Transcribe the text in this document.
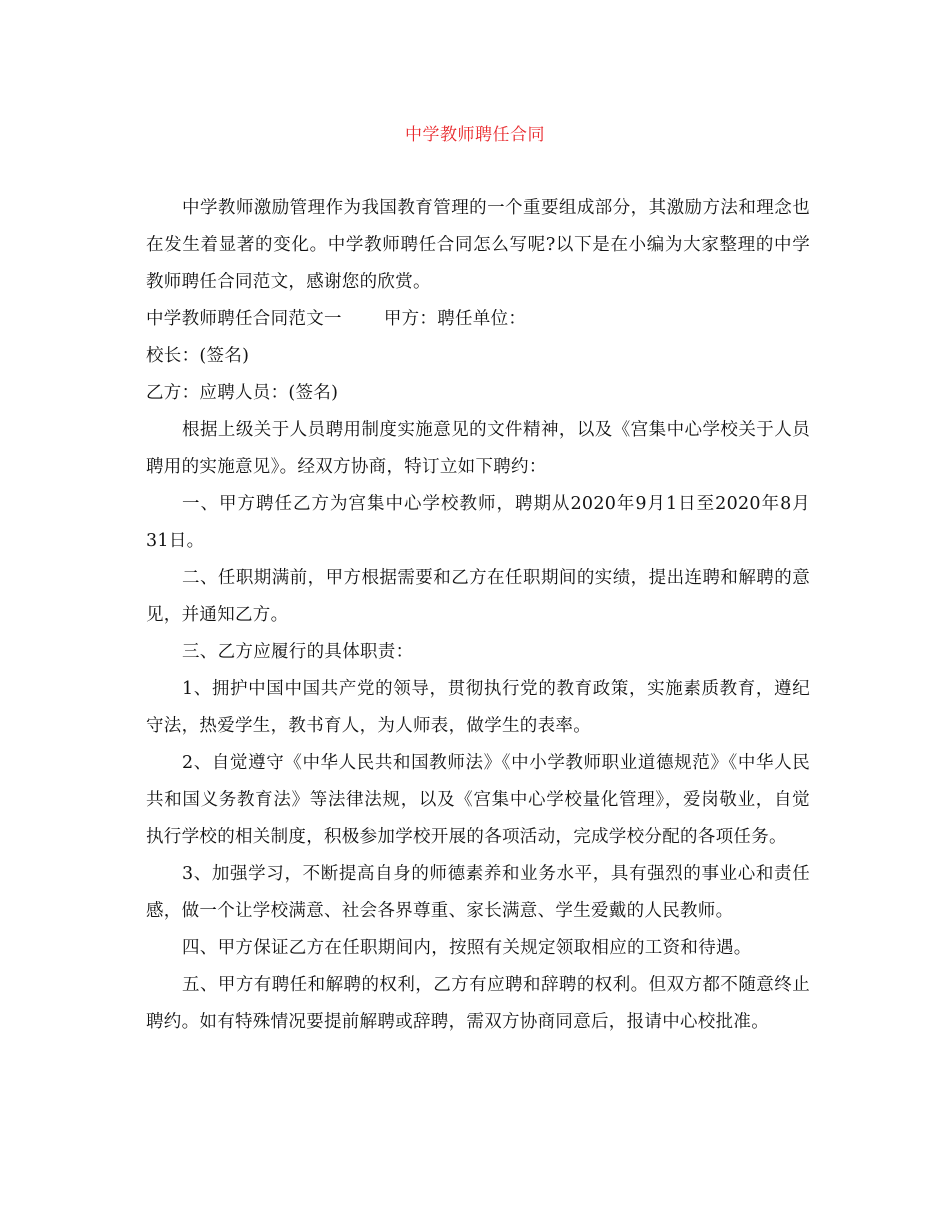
中学教师聘任合同

中学教师激励管理作为我国教育管理的一个重要组成部分，其激励方法和理念也在发生着显著的变化。中学教师聘任合同怎么写呢?以下是在小编为大家整理的中学教师聘任合同范文，感谢您的欣赏。

中学教师聘任合同范文一 甲方：聘任单位：

校长：(签名)

乙方：应聘人员：(签名)

根据上级关于人员聘用制度实施意见的文件精神，以及《宫集中心学校关于人员聘用的实施意见》。经双方协商，特订立如下聘约：

一、甲方聘任乙方为宫集中心学校教师，聘期从2020年9月1日至2020年8月31日。

二、任职期满前，甲方根据需要和乙方在任职期间的实绩，提出连聘和解聘的意见，并通知乙方。

三、乙方应履行的具体职责：

1、拥护中国中国共产党的领导，贯彻执行党的教育政策，实施素质教育，遵纪守法，热爱学生，教书育人，为人师表，做学生的表率。

2、自觉遵守《中华人民共和国教师法》《中小学教师职业道德规范》《中华人民共和国义务教育法》等法律法规，以及《宫集中心学校量化管理》，爱岗敬业，自觉执行学校的相关制度，积极参加学校开展的各项活动，完成学校分配的各项任务。

3、加强学习，不断提高自身的师德素养和业务水平，具有强烈的事业心和责任感，做一个让学校满意、社会各界尊重、家长满意、学生爱戴的人民教师。

四、甲方保证乙方在任职期间内，按照有关规定领取相应的工资和待遇。

五、甲方有聘任和解聘的权利，乙方有应聘和辞聘的权利。但双方都不随意终止聘约。如有特殊情况要提前解聘或辞聘，需双方协商同意后，报请中心校批准。
